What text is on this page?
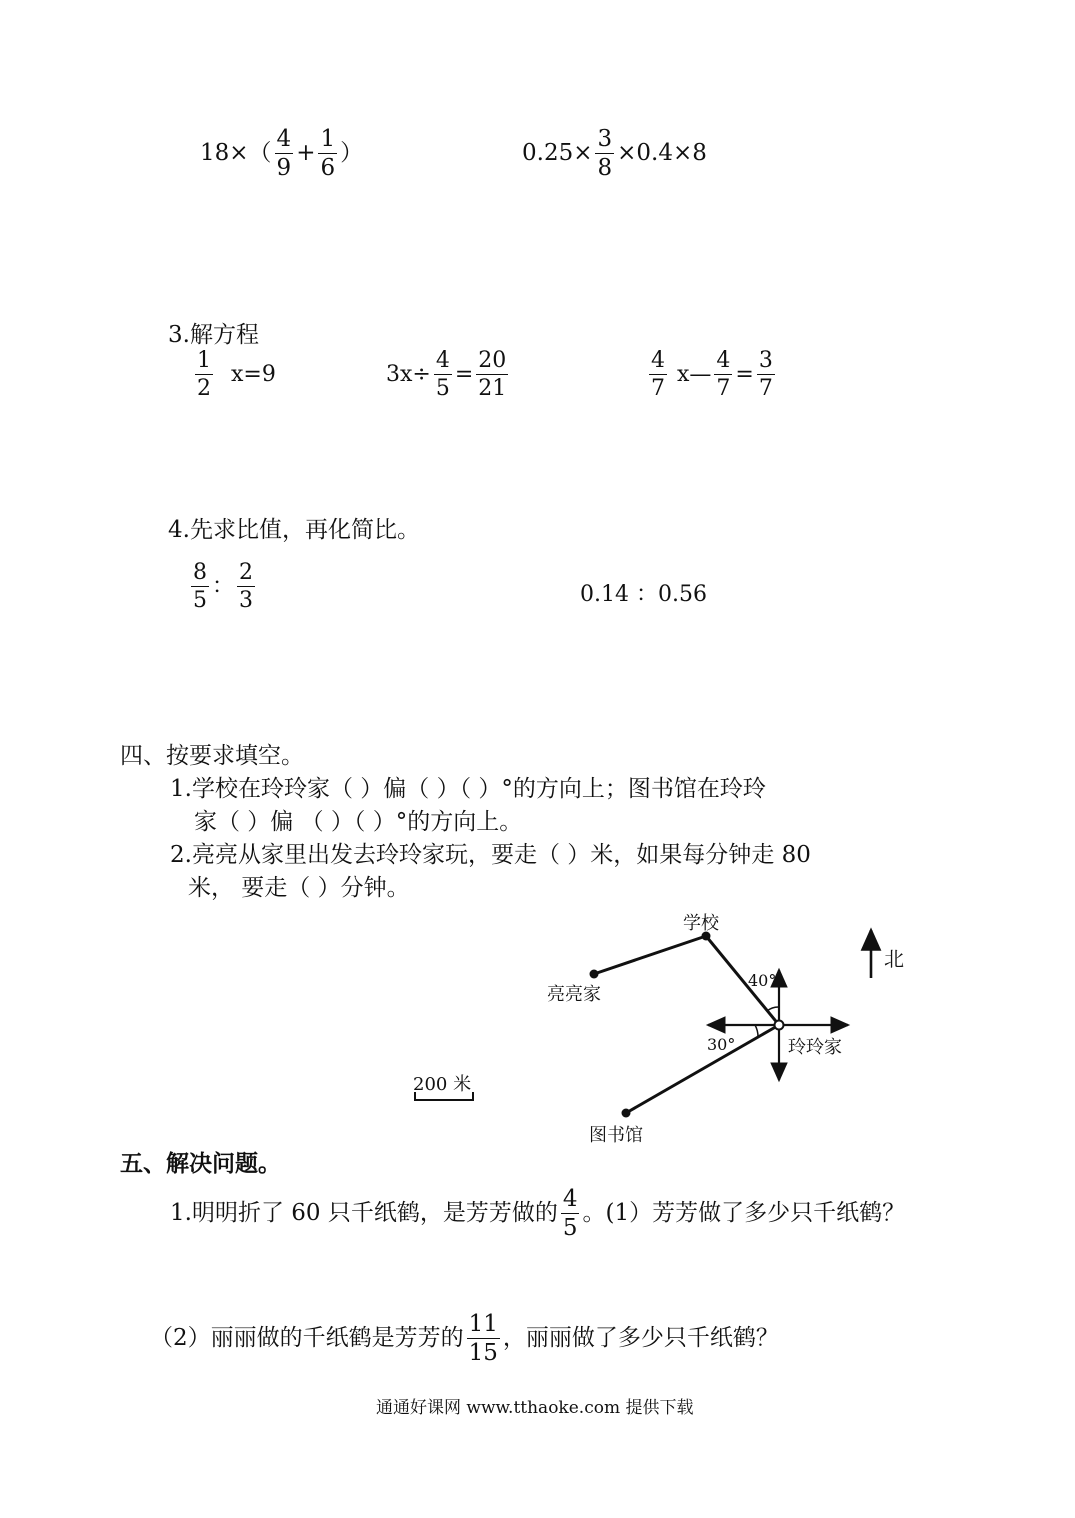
$18\times( \frac{4}{9} + \frac{1}{6}$ ）	$0.25\times \frac{3}{8} \times 0.4\times 8$
3.解方程
$\frac{1}{2} x=9$	$3x\div \frac{4}{5} = \frac{20}{21}$	$\frac{4}{7}$ x— $\frac{4}{7} = \frac{3}{7}$
4.先求比值，再化简比。
$\frac{8}{5}$ ： $\frac{2}{3}$	0.14 ：0.56
四、按要求填空。
1.学校在玲玲家（ ）偏（ ）（ ）°的方向上；图书馆在玲玲
家（ ）偏 （ ）（ ）°的方向上。
2.亮亮从家里出发去玲玲家玩，要走（ ）米，如果每分钟走 80
米， 要走（ ）分钟。
学校
亮亮家
玲玲家
图书馆
40°
30°
北
200 米
五、解决问题。
1.明明折了 60 只千纸鹤，是芳芳做的 $\frac{4}{5}$ 。(1）芳芳做了多少只千纸鹤？
（2）丽丽做的千纸鹤是芳芳的 $\frac{11}{15}$ ，丽丽做了多少只千纸鹤？
通通好课网 www.tthaoke.com 提供下载
